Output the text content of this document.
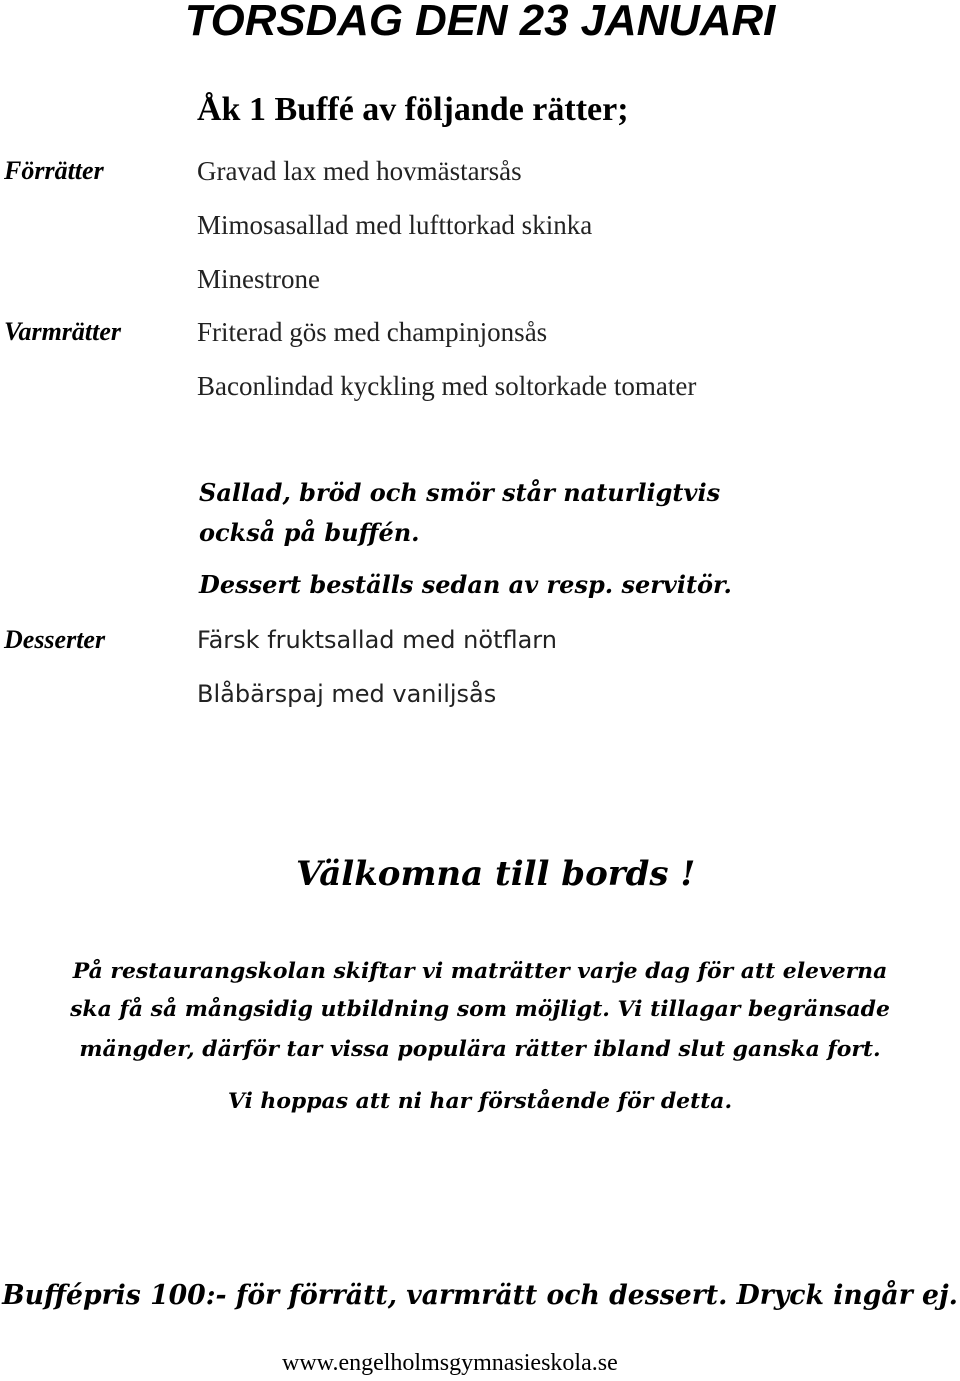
TORSDAG DEN 23 JANUARI
Åk 1 Buffé av följande rätter;
Förrätter	Gravad lax med hovmästarsås
Mimosasallad med lufttorkad skinka
Minestrone
Varmrätter	Friterad gös med champinjonsås
Baconlindad kyckling med soltorkade tomater
Sallad, bröd och smör står naturligtvis
också på buffén.
Dessert beställs sedan av resp. servitör.
Desserter	Färsk fruktsallad med nötflarn
Blåbärspaj med vaniljsås
Välkomna till bords !
På restaurangskolan skiftar vi maträtter varje dag för att eleverna
ska få så mångsidig utbildning som möjligt. Vi tillagar begränsade
mängder, därför tar vissa populära rätter ibland slut ganska fort.
Vi hoppas att ni har förstående för detta.
Buffépris 100:- för förrätt, varmrätt och dessert. Dryck ingår ej.
www.engelholmsgymnasieskola.se
